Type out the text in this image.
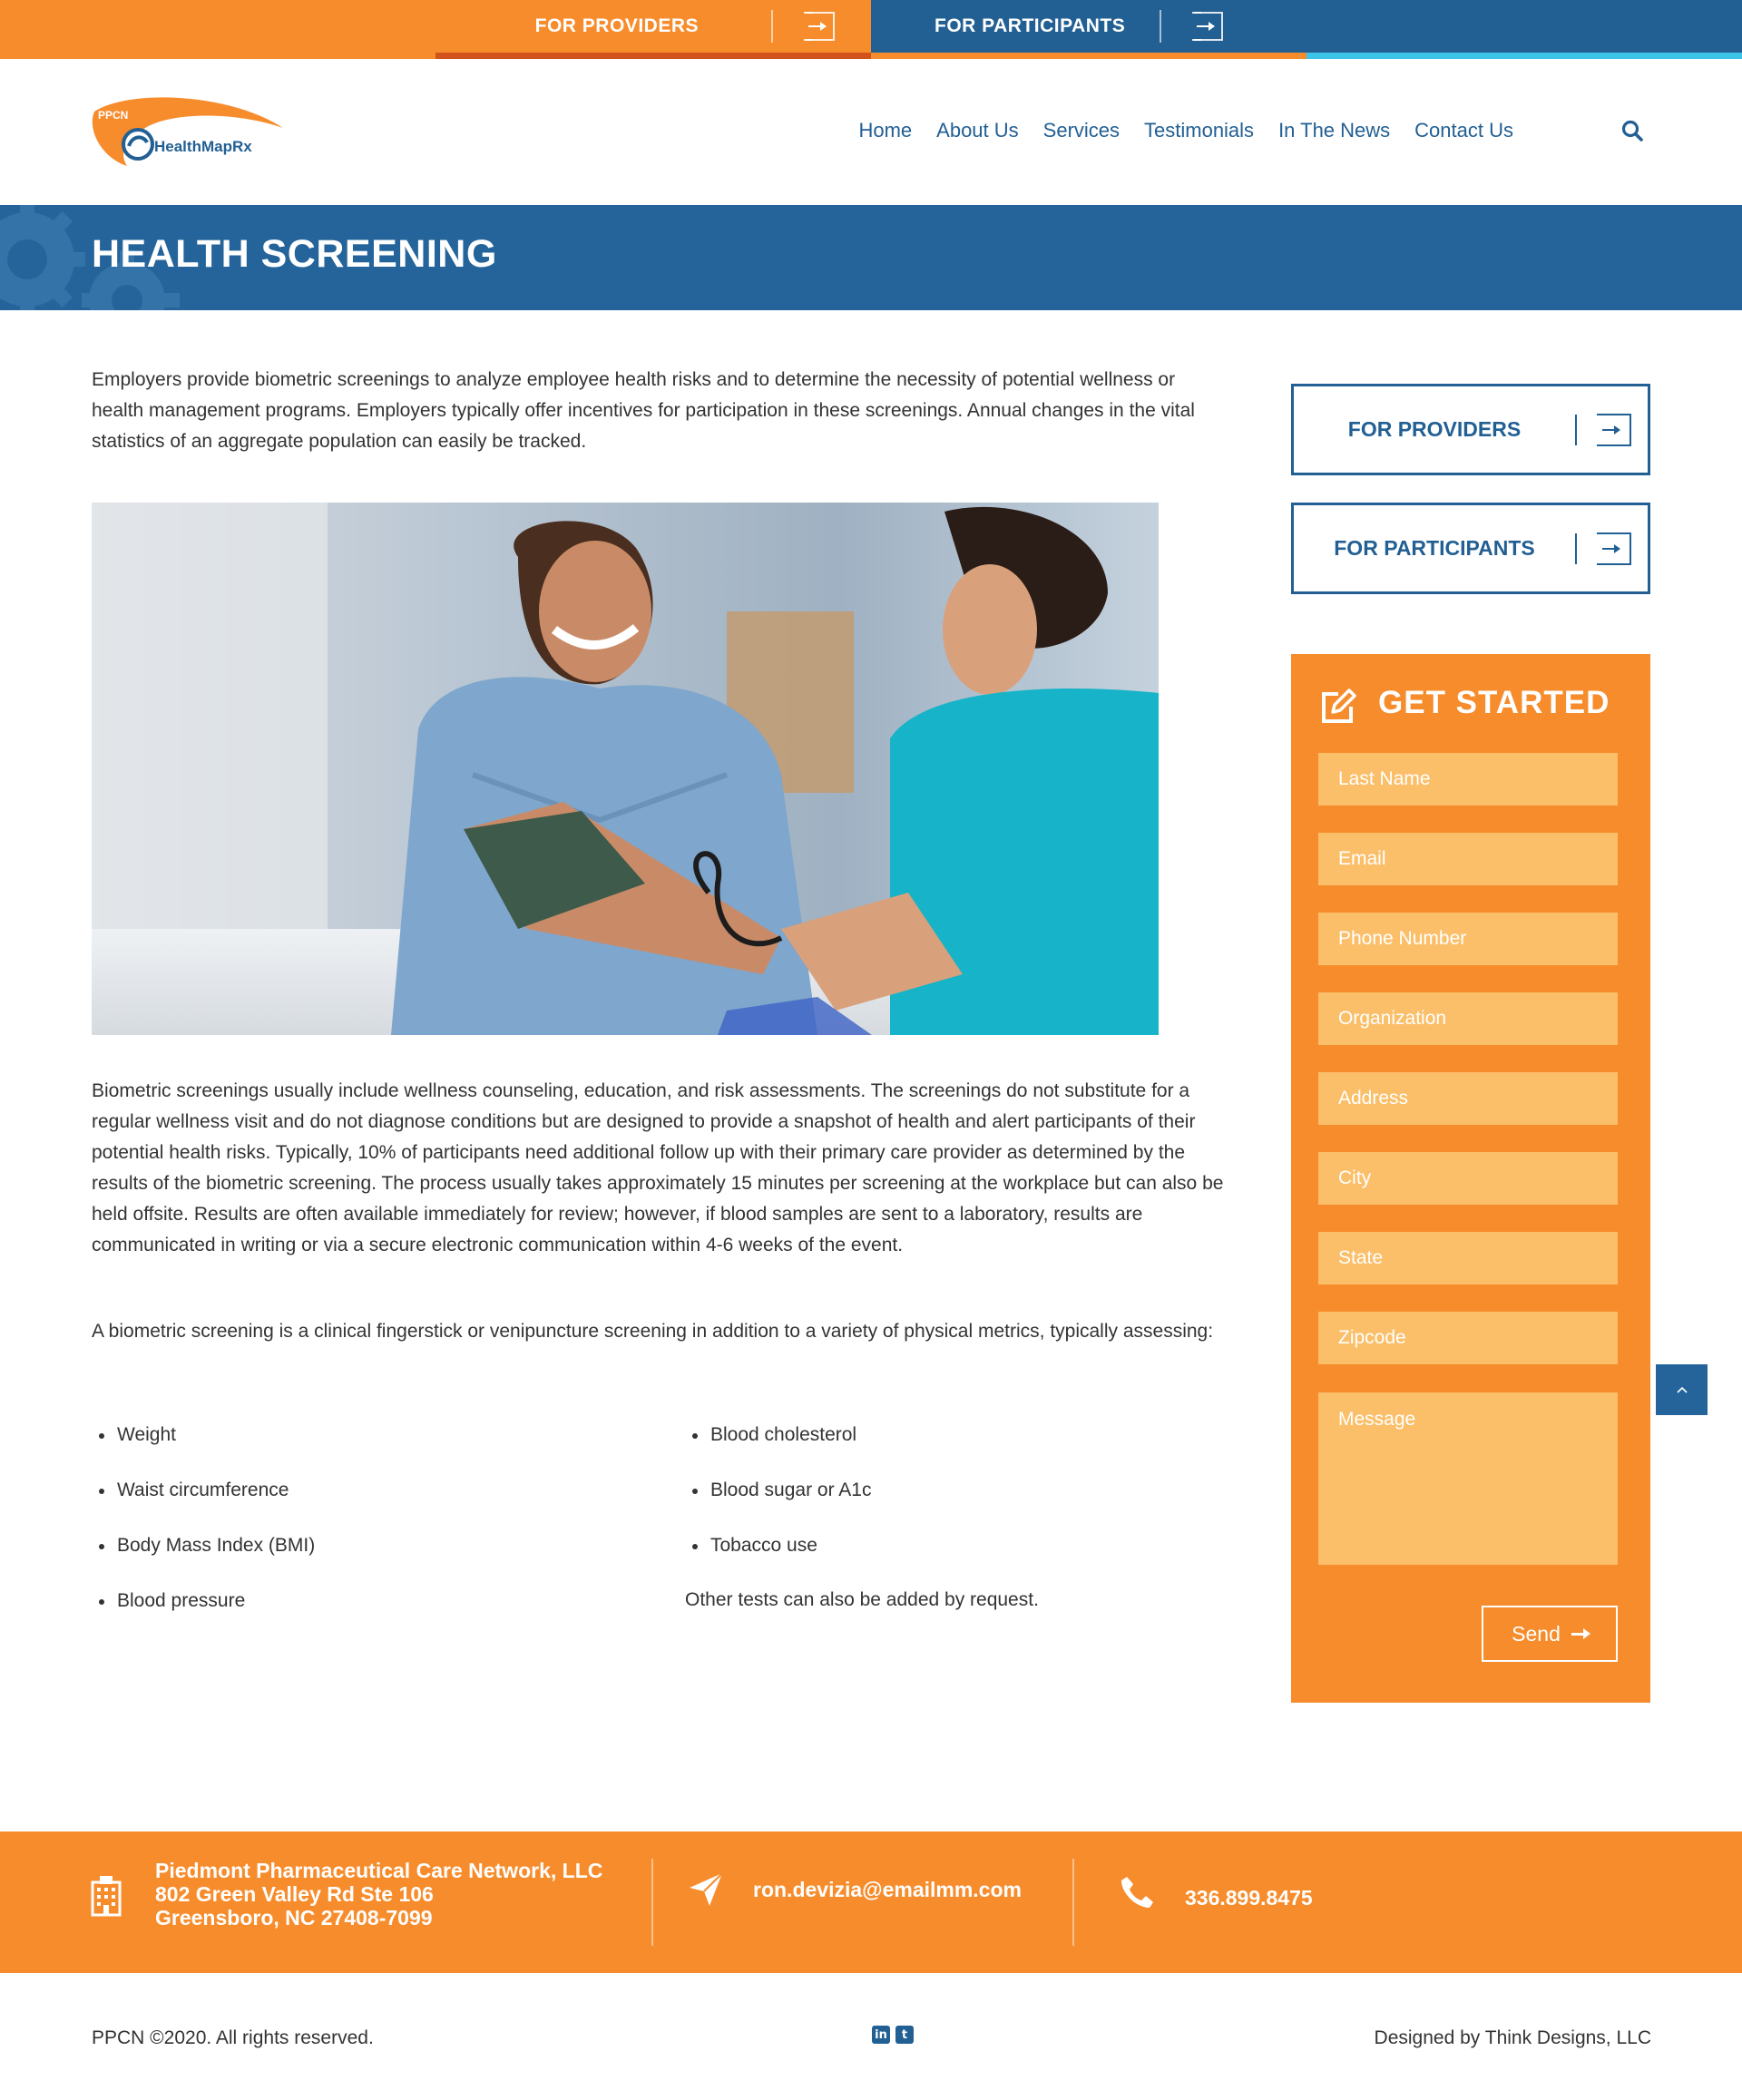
FOR PROVIDERS	FOR PARTICIPANTS
PPCN
HealthMapRx
Home About Us Services Testimonials In The News Contact Us
HEALTH SCREENING

Employers provide biometric screenings to analyze employee health risks and to determine the necessity of potential wellness or health management programs. Employers typically offer incentives for participation in these screenings. Annual changes in the vital statistics of an aggregate population can easily be tracked.

Biometric screenings usually include wellness counseling, education, and risk assessments. The screenings do not substitute for a regular wellness visit and do not diagnose conditions but are designed to provide a snapshot of health and alert participants of their potential health risks. Typically, 10% of participants need additional follow up with their primary care provider as determined by the results of the biometric screening. The process usually takes approximately 15 minutes per screening at the workplace but can also be held offsite. Results are often available immediately for review; however, if blood samples are sent to a laboratory, results are communicated in writing or via a secure electronic communication within 4-6 weeks of the event.

A biometric screening is a clinical fingerstick or venipuncture screening in addition to a variety of physical metrics, typically assessing:

Weight
Waist circumference
Body Mass Index (BMI)
Blood pressure
Blood cholesterol
Blood sugar or A1c
Tobacco use

Other tests can also be added by request.

FOR PROVIDERS
FOR PARTICIPANTS
GET STARTED
Last Name
Email
Phone Number
Organization
Address
City
State
Zipcode
Message
Send

Piedmont Pharmaceutical Care Network, LLC

802 Green Valley Rd Ste 106

Greensboro, NC 27408-7099

ron.devizia@emailmm.com	336.899.8475

PPCN ©2020. All rights reserved.	in	t	Designed by Think Designs, LLC
